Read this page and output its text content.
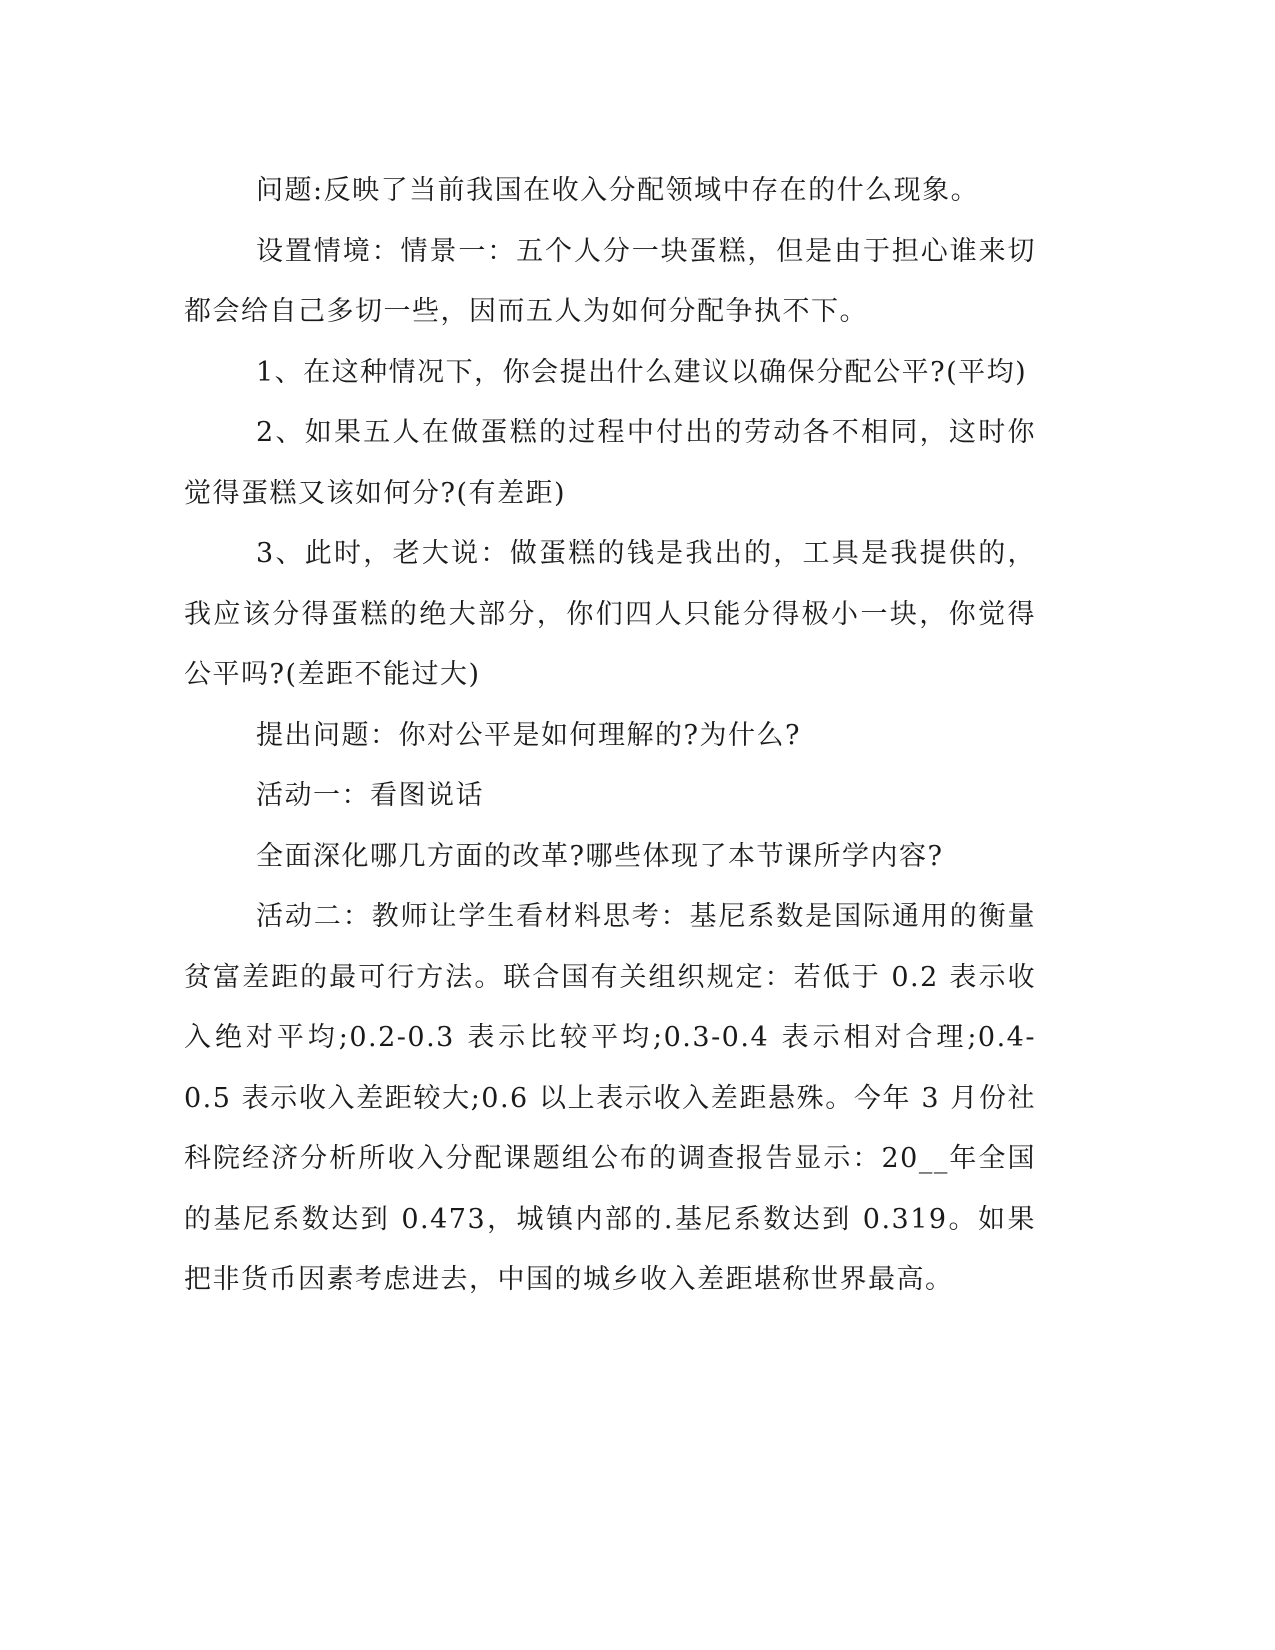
问题:反映了当前我国在收入分配领域中存在的什么现象。

设置情境：情景一：五个人分一块蛋糕，但是由于担心谁来切都会给自己多切一些，因而五人为如何分配争执不下。

1、在这种情况下，你会提出什么建议以确保分配公平?(平均)

2、如果五人在做蛋糕的过程中付出的劳动各不相同，这时你觉得蛋糕又该如何分?(有差距)

3、此时，老大说：做蛋糕的钱是我出的，工具是我提供的，我应该分得蛋糕的绝大部分，你们四人只能分得极小一块，你觉得公平吗?(差距不能过大)

提出问题：你对公平是如何理解的?为什么?

活动一：看图说话

全面深化哪几方面的改革?哪些体现了本节课所学内容?

活动二：教师让学生看材料思考：基尼系数是国际通用的衡量贫富差距的最可行方法。联合国有关组织规定：若低于 0.2 表示收入绝对平均;0.2-0.3 表示比较平均;0.3-0.4 表示相对合理;0.4-0.5 表示收入差距较大;0.6 以上表示收入差距悬殊。今年 3 月份社科院经济分析所收入分配课题组公布的调查报告显示：20__年全国的基尼系数达到 0.473，城镇内部的.基尼系数达到 0.319。如果把非货币因素考虑进去，中国的城乡收入差距堪称世界最高。
